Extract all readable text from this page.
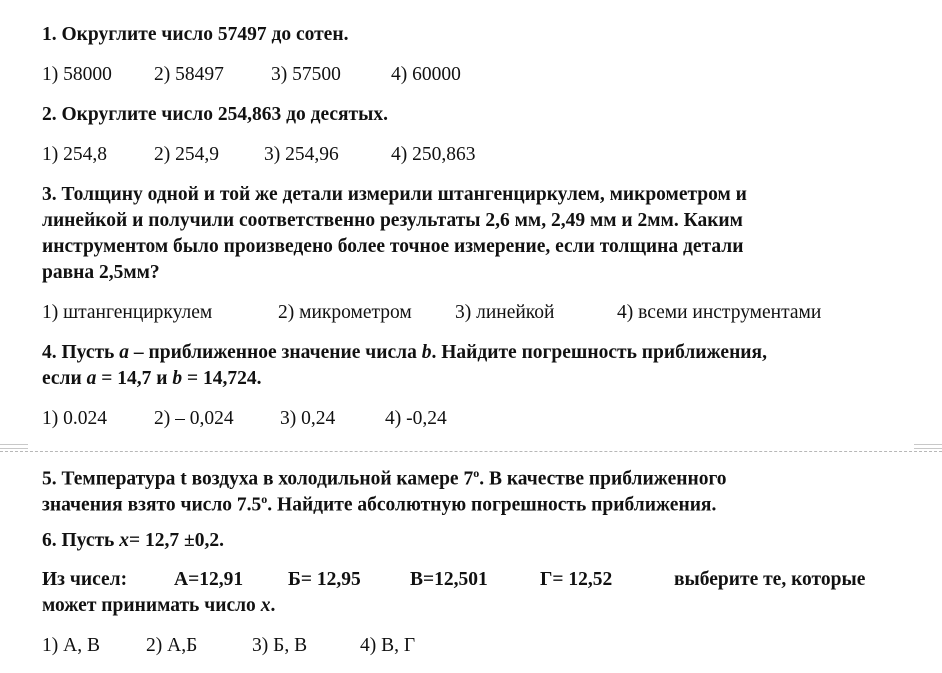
1. Округлите число 57497 до сотен.
1) 58000 2) 58497 3) 57500	4) 60000
2. Округлите число 254,863 до десятых.
1) 254,8 2) 254,9 3) 254,96	4) 250,863
3. Толщину одной и той же детали измерили штангенциркулем, микрометром и
линейкой и получили соответственно результаты 2,6 мм, 2,49 мм и 2мм. Каким
инструментом было произведено более точное измерение, если толщина детали
равна 2,5мм?
1) штангенциркулем	2) микрометром 3) линейкой	4) всеми инструментами
4. Пусть a – приближенное значение числа b. Найдите погрешность приближения,
если a = 14,7 и b = 14,724.
1) 0.024 2) – 0,024 3) 0,24	4) -0,24
5. Температура t воздуха в холодильной камере 7$^o$. В качестве приближенного
значения взято число 7.5$^o$. Найдите абсолютную погрешность приближения.
6. Пусть x= 12,7 ±0,2.
Из чисел: А=12,91 Б= 12,95	В=12,501	Г= 12,52	выберите те, которые
может принимать число x.
1) А, В 2) А,Б	3) Б, В	4) В, Г
